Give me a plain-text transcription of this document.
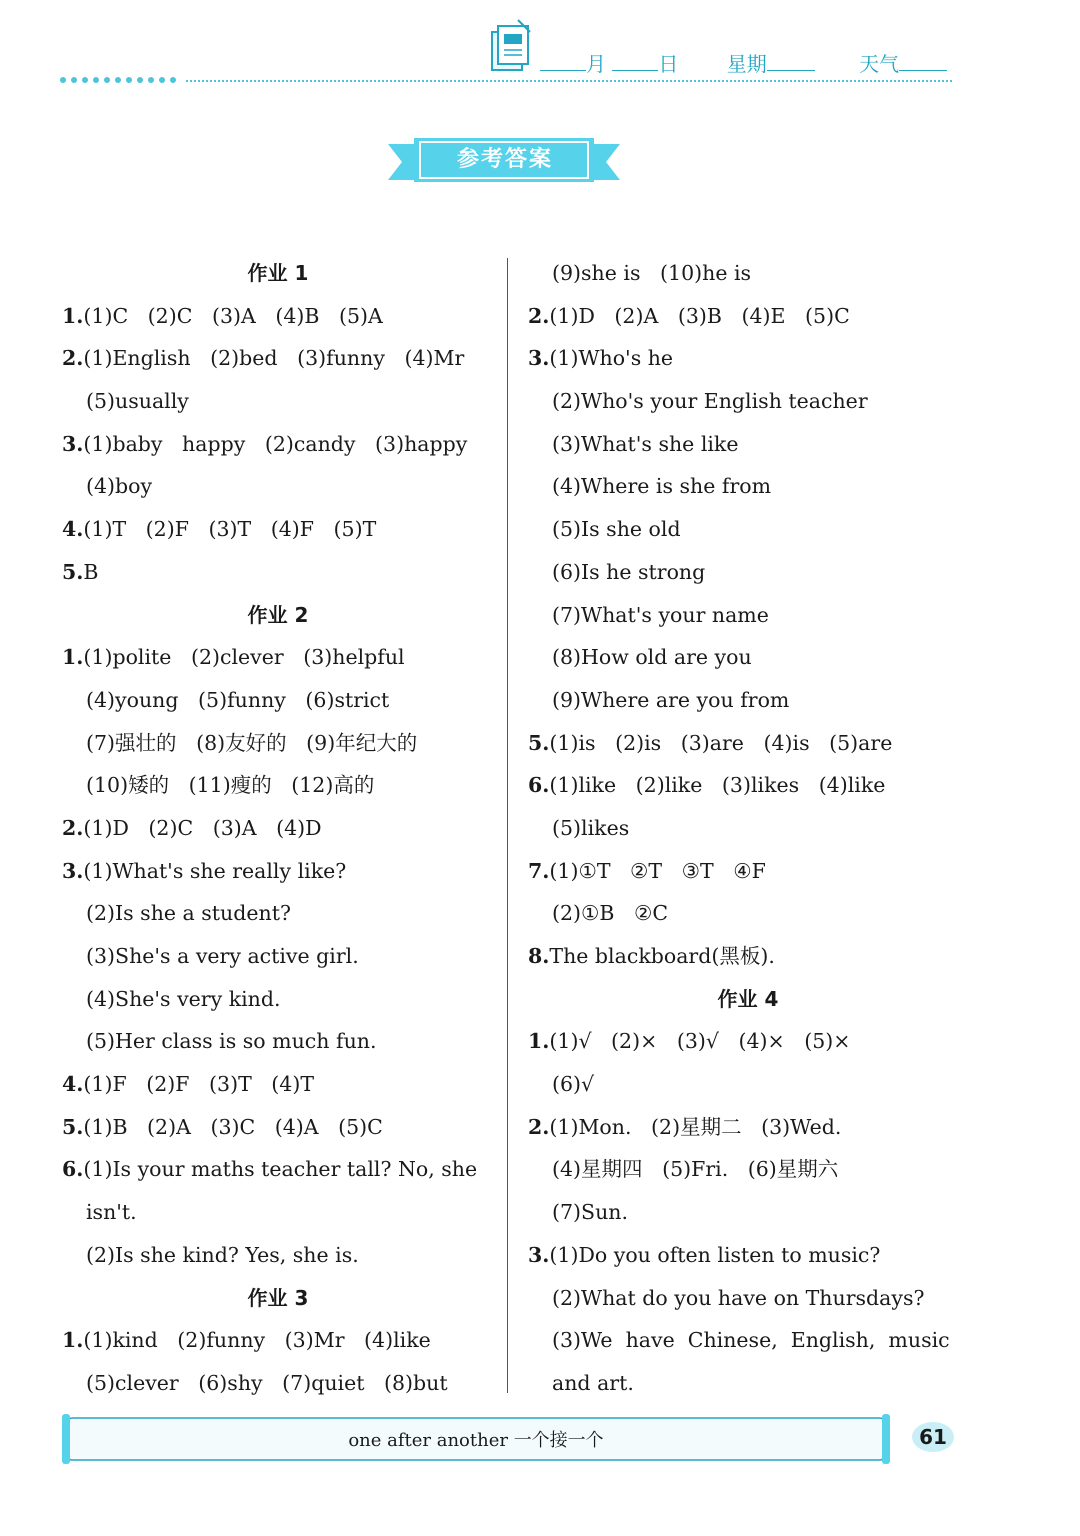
月	日 星期	天气
参考答案
作业 1
1.(1)C   (2)C   (3)A   (4)B   (5)A
2.(1)English   (2)bed   (3)funny   (4)Mr
(5)usually
3.(1)baby   happy   (2)candy   (3)happy
(4)boy
4.(1)T   (2)F   (3)T   (4)F   (5)T
5.B
作业 2
1.(1)polite   (2)clever   (3)helpful
(4)young   (5)funny   (6)strict
(7)强壮的   (8)友好的   (9)年纪大的
(10)矮的   (11)瘦的   (12)高的
2.(1)D   (2)C   (3)A   (4)D
3.(1)What's she really like?
(2)Is she a student?
(3)She's a very active girl.
(4)She's very kind.
(5)Her class is so much fun.
4.(1)F   (2)F   (3)T   (4)T
5.(1)B   (2)A   (3)C   (4)A   (5)C
6.(1)Is your maths teacher tall? No, she
isn't.
(2)Is she kind? Yes, she is.
作业 3
1.(1)kind   (2)funny   (3)Mr   (4)like
(5)clever   (6)shy   (7)quiet   (8)but
(9)she is   (10)he is
2.(1)D   (2)A   (3)B   (4)E   (5)C
3.(1)Who's he
(2)Who's your English teacher
(3)What's she like
(4)Where is she from
(5)Is she old
(6)Is he strong
(7)What's your name
(8)How old are you
(9)Where are you from
5.(1)is   (2)is   (3)are   (4)is   (5)are
6.(1)like   (2)like   (3)likes   (4)like
(5)likes
7.(1)①T   ②T   ③T   ④F
(2)①B   ②C
8.The blackboard(黑板).
作业 4
1.(1)√   (2)×   (3)√   (4)×   (5)×
(6)√
2.(1)Mon.   (2)星期二   (3)Wed.
(4)星期四   (5)Fri.   (6)星期六
(7)Sun.
3.(1)Do you often listen to music?
(2)What do you have on Thursdays?
(3)We  have  Chinese,  English,  music
and art.
one after another 一个接一个	61
